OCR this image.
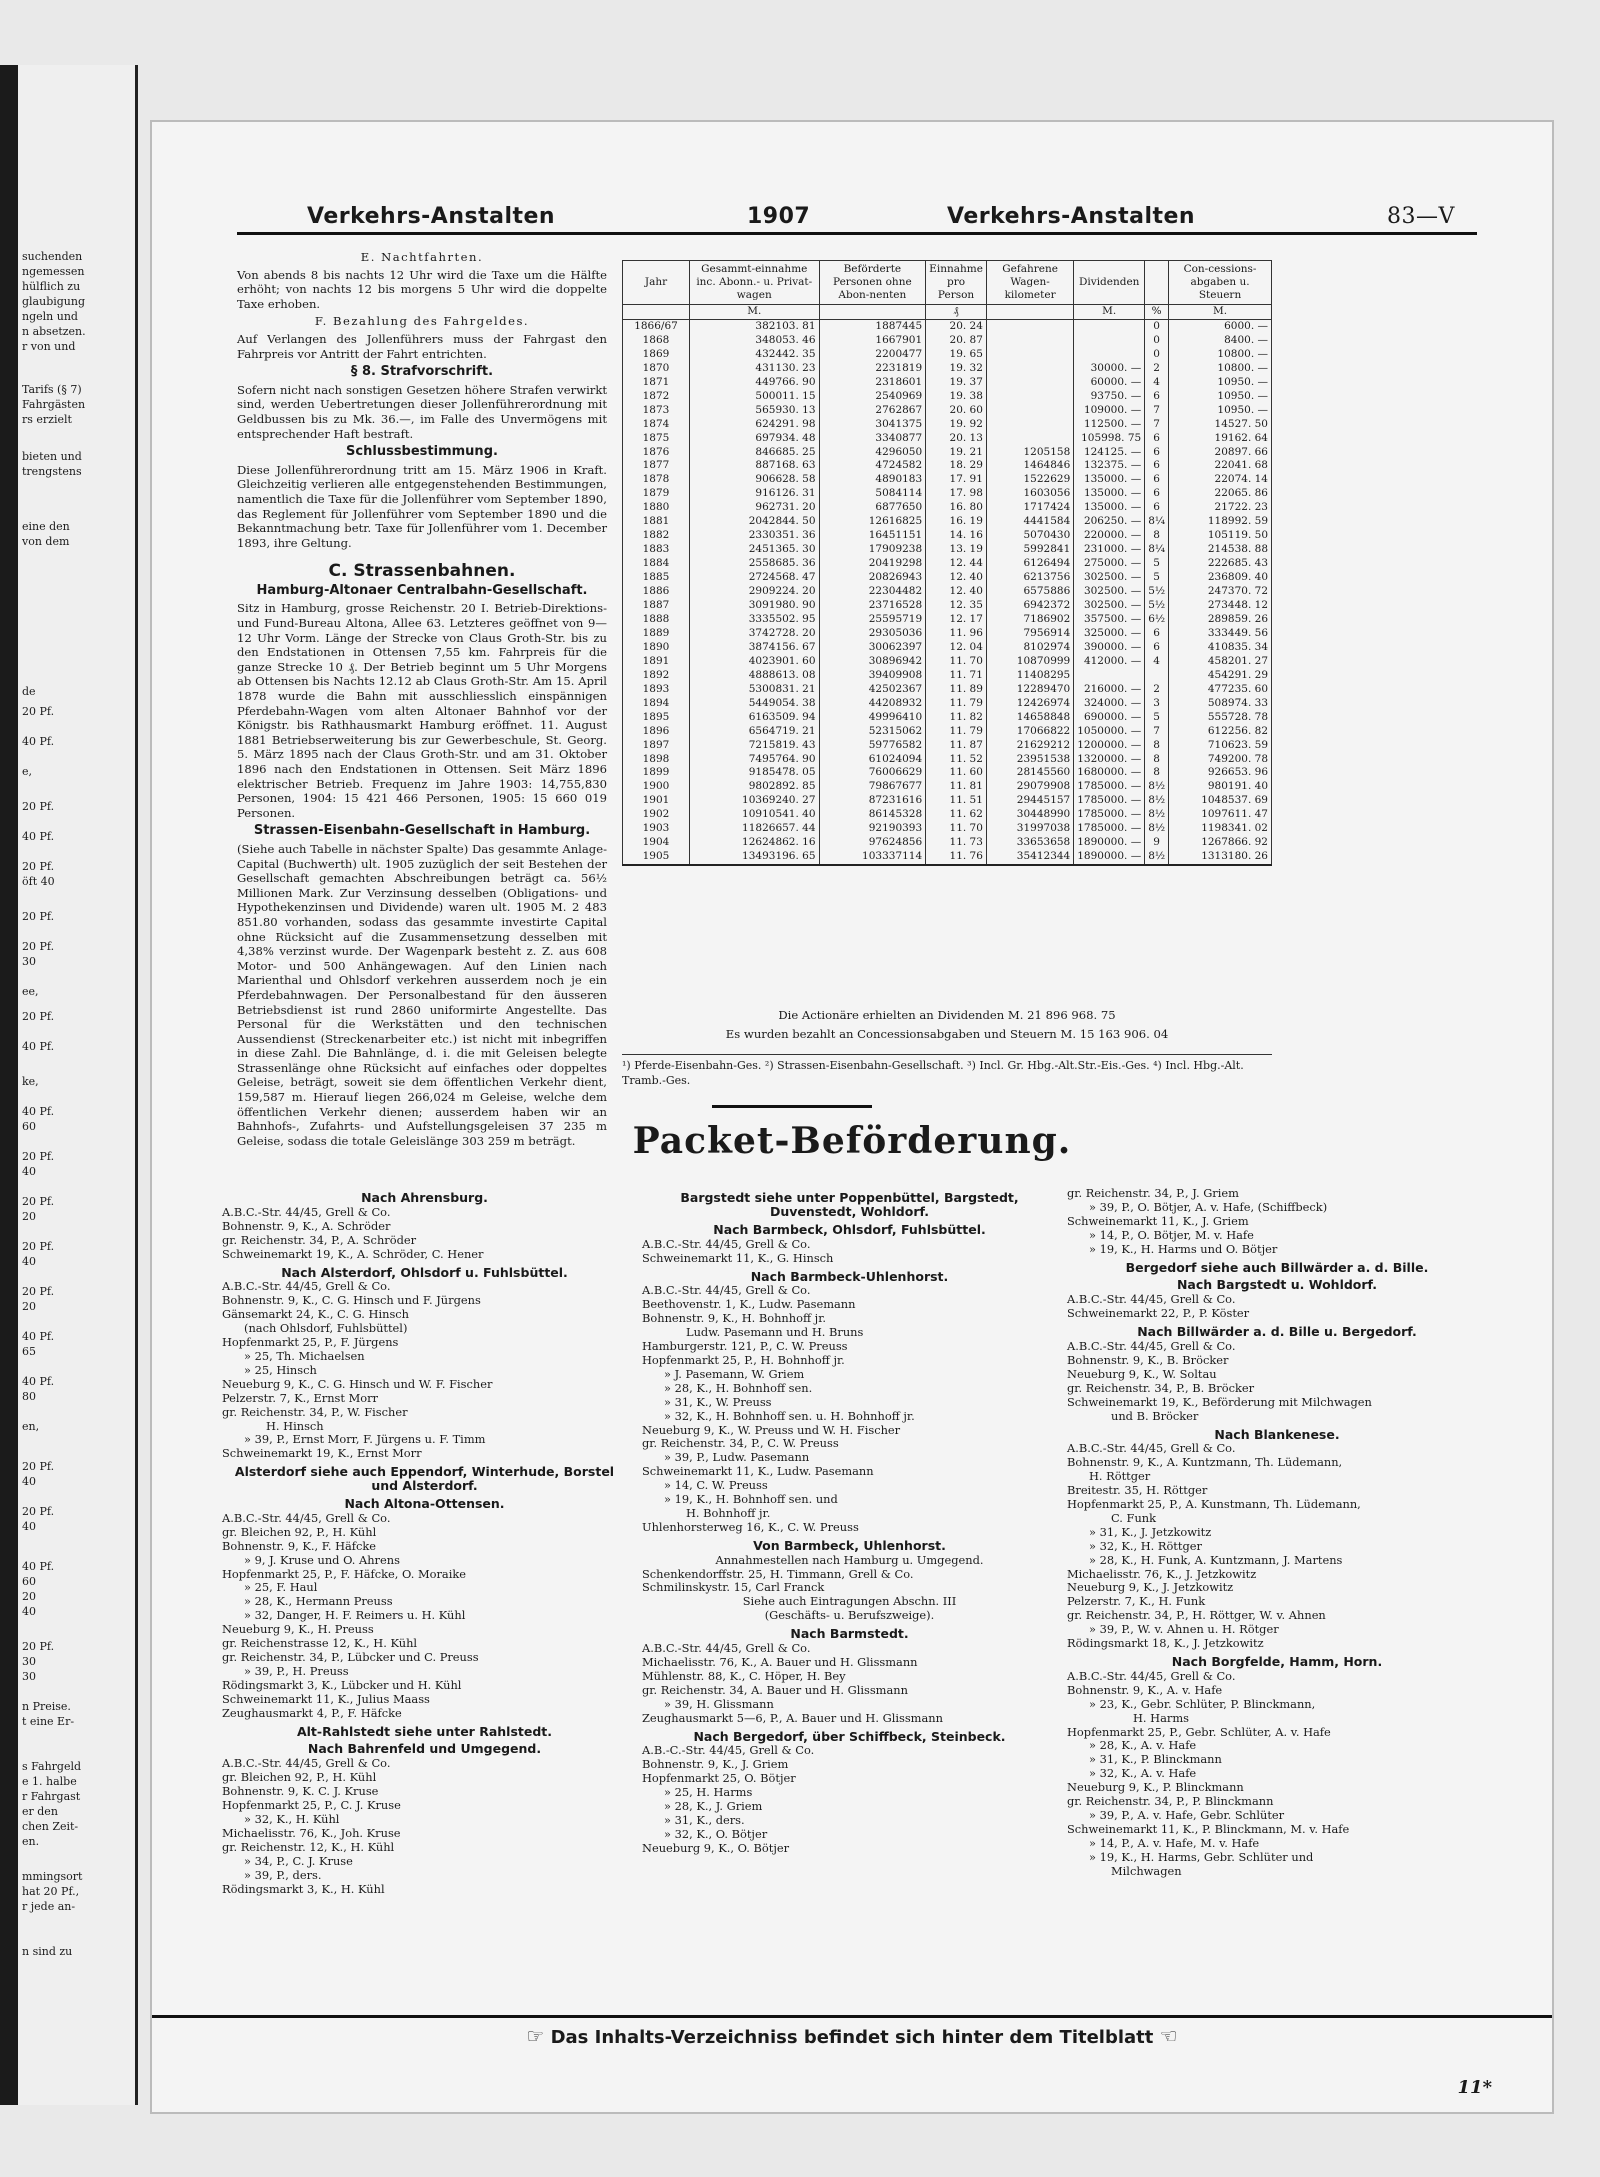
suchenden
ngemessen
hülflich zu
glaubigung
ngeln und
n absetzen.
r von und
Tarifs (§ 7)
Fahrgästen
rs erzielt
bieten und
trengstens
eine den
von dem
de
20 Pf.
40 Pf.
e,
20 Pf.
40 Pf.
20 Pf.
öft 40
20 Pf.
20 Pf.
30
ee,
20 Pf.
40 Pf.
ke,
40 Pf.
60
20 Pf.
40
20 Pf.
20
20 Pf.
40
20 Pf.
20
40 Pf.
65
40 Pf.
80
en,
20 Pf.
40
20 Pf.
40
40 Pf.
60
20
40
20 Pf.
30
30
n Preise.
t eine Er-
s Fahrgeld
e 1. halbe
r Fahrgast
er den
chen Zeit-
en.
mmingsort
hat 20 Pf.,
r jede an-
n sind zu
Verkehrs-Anstalten	1907	Verkehrs-Anstalten	83—V
E. Nachtfahrten.

Von abends 8 bis nachts 12 Uhr wird die Taxe um die Hälfte erhöht; von nachts 12 bis morgens 5 Uhr wird die doppelte Taxe erhoben.

F. Bezahlung des Fahrgeldes.

Auf Verlangen des Jollenführers muss der Fahrgast den Fahrpreis vor Antritt der Fahrt entrichten.

§ 8. Strafvorschrift.

Sofern nicht nach sonstigen Gesetzen höhere Strafen verwirkt sind, werden Uebertretungen dieser Jollenführerordnung mit Geldbussen bis zu Mk. 36.—, im Falle des Unvermögens mit entsprechender Haft bestraft.

Schlussbestimmung.

Diese Jollenführerordnung tritt am 15. März 1906 in Kraft. Gleichzeitig verlieren alle entgegenstehenden Bestimmungen, namentlich die Taxe für die Jollenführer vom September 1890, das Reglement für Jollenführer vom September 1890 und die Bekanntmachung betr. Taxe für Jollenführer vom 1. December 1893, ihre Geltung.

C. Strassenbahnen.
Hamburg-Altonaer Centralbahn-Gesellschaft.

Sitz in Hamburg, grosse Reichenstr. 20 I. Betrieb-Direktions- und Fund-Bureau Altona, Allee 63. Letzteres geöffnet von 9—12 Uhr Vorm. Länge der Strecke von Claus Groth-Str. bis zu den Endstationen in Ottensen 7,55 km. Fahrpreis für die ganze Strecke 10 ₰. Der Betrieb beginnt um 5 Uhr Morgens ab Ottensen bis Nachts 12.12 ab Claus Groth-Str. Am 15. April 1878 wurde die Bahn mit ausschliesslich einspännigen Pferdebahn-Wagen vom alten Altonaer Bahnhof vor der Königstr. bis Rathhausmarkt Hamburg eröffnet. 11. August 1881 Betriebserweiterung bis zur Gewerbeschule, St. Georg. 5. März 1895 nach der Claus Groth-Str. und am 31. Oktober 1896 nach den Endstationen in Ottensen. Seit März 1896 elektrischer Betrieb. Frequenz im Jahre 1903: 14,755,830 Personen, 1904: 15 421 466 Personen, 1905: 15 660 019 Personen.

Strassen-Eisenbahn-Gesellschaft in Hamburg.

(Siehe auch Tabelle in nächster Spalte) Das gesammte Anlage-Capital (Buchwerth) ult. 1905 zuzüglich der seit Bestehen der Gesellschaft gemachten Abschreibungen beträgt ca. 56½ Millionen Mark. Zur Verzinsung desselben (Obligations- und Hypothekenzinsen und Dividende) waren ult. 1905 M. 2 483 851.80 vorhanden, sodass das gesammte investirte Capital ohne Rücksicht auf die Zusammensetzung desselben mit 4,38% verzinst wurde. Der Wagenpark besteht z. Z. aus 608 Motor- und 500 Anhängewagen. Auf den Linien nach Marienthal und Ohlsdorf verkehren ausserdem noch je ein Pferdebahnwagen. Der Personalbestand für den äusseren Betriebsdienst ist rund 2860 uniformirte Angestellte. Das Personal für die Werkstätten und den technischen Aussendienst (Streckenarbeiter etc.) ist nicht mit inbegriffen in diese Zahl. Die Bahnlänge, d. i. die mit Geleisen belegte Strassenlänge ohne Rücksicht auf einfaches oder doppeltes Geleise, beträgt, soweit sie dem öffentlichen Verkehr dient, 159,587 m. Hierauf liegen 266,024 m Geleise, welche dem öffentlichen Verkehr dienen; ausserdem haben wir an Bahnhofs-, Zufahrts- und Aufstellungsgeleisen 37 235 m Geleise, sodass die totale Geleislänge 303 259 m beträgt.

Jahr	Gesammt-einnahme inc. Abonn.- u. Privat-wagen	Beförderte Personen ohne Abon-nenten	Einnahme pro Person	Gefahrene Wagen-kilometer	Dividenden		Con-cessions-abgaben u. Steuern
	M.		₰		M.	%	M.
1866/67	382103. 81	1887445	20. 24			0	6000. —
1868	348053. 46	1667901	20. 87			0	8400. —
1869	432442. 35	2200477	19. 65			0	10800. —
1870	431130. 23	2231819	19. 32		30000. —	2	10800. —
1871	449766. 90	2318601	19. 37		60000. —	4	10950. —
1872	500011. 15	2540969	19. 38		93750. —	6	10950. —
1873	565930. 13	2762867	20. 60		109000. —	7	10950. —
1874	624291. 98	3041375	19. 92		112500. —	7	14527. 50
1875	697934. 48	3340877	20. 13		105998. 75	6	19162. 64
1876	846685. 25	4296050	19. 21	1205158	124125. —	6	20897. 66
1877	887168. 63	4724582	18. 29	1464846	132375. —	6	22041. 68
1878	906628. 58	4890183	17. 91	1522629	135000. —	6	22074. 14
1879	916126. 31	5084114	17. 98	1603056	135000. —	6	22065. 86
1880	962731. 20	6877650	16. 80	1717424	135000. —	6	21722. 23
1881	2042844. 50	12616825	16. 19	4441584	206250. —	8¼	118992. 59
1882	2330351. 36	16451151	14. 16	5070430	220000. —	8	105119. 50
1883	2451365. 30	17909238	13. 19	5992841	231000. —	8¼	214538. 88
1884	2558685. 36	20419298	12. 44	6126494	275000. —	5	222685. 43
1885	2724568. 47	20826943	12. 40	6213756	302500. —	5	236809. 40
1886	2909224. 20	22304482	12. 40	6575886	302500. —	5½	247370. 72
1887	3091980. 90	23716528	12. 35	6942372	302500. —	5½	273448. 12
1888	3335502. 95	25595719	12. 17	7186902	357500. —	6½	289859. 26
1889	3742728. 20	29305036	11. 96	7956914	325000. —	6	333449. 56
1890	3874156. 67	30062397	12. 04	8102974	390000. —	6	410835. 34
1891	4023901. 60	30896942	11. 70	10870999	412000. —	4	458201. 27
1892	4888613. 08	39409908	11. 71	11408295			454291. 29
1893	5300831. 21	42502367	11. 89	12289470	216000. —	2	477235. 60
1894	5449054. 38	44208932	11. 79	12426974	324000. —	3	508974. 33
1895	6163509. 94	49996410	11. 82	14658848	690000. —	5	555728. 78
1896	6564719. 21	52315062	11. 79	17066822	1050000. —	7	612256. 82
1897	7215819. 43	59776582	11. 87	21629212	1200000. —	8	710623. 59
1898	7495764. 90	61024094	11. 52	23951538	1320000. —	8	749200. 78
1899	9185478. 05	76006629	11. 60	28145560	1680000. —	8	926653. 96
1900	9802892. 85	79867677	11. 81	29079908	1785000. —	8½	980191. 40
1901	10369240. 27	87231616	11. 51	29445157	1785000. —	8½	1048537. 69
1902	10910541. 40	86145328	11. 62	30448990	1785000. —	8½	1097611. 47
1903	11826657. 44	92190393	11. 70	31997038	1785000. —	8½	1198341. 02
1904	12624862. 16	97624856	11. 73	33653658	1890000. —	9	1267866. 92
1905	13493196. 65	103337114	11. 76	35412344	1890000. —	8½	1313180. 26
Die Actionäre erhielten an Dividenden M. 21 896 968. 75
Es wurden bezahlt an Concessionsabgaben und Steuern M. 15 163 906. 04
¹) Pferde-Eisenbahn-Ges. ²) Strassen-Eisenbahn-Gesellschaft. ³) Incl. Gr. Hbg.-Alt.Str.-Eis.-Ges. ⁴) Incl. Hbg.-Alt. Tramb.-Ges.
Packet-Beförderung.
Nach Ahrensburg.
A.B.C.-Str. 44/45, Grell & Co.
Bohnenstr. 9, K., A. Schröder
gr. Reichenstr. 34, P., A. Schröder
Schweinemarkt 19, K., A. Schröder, C. Hener
Nach Alsterdorf, Ohlsdorf u. Fuhlsbüttel.
A.B.C.-Str. 44/45, Grell & Co.
Bohnenstr. 9, K., C. G. Hinsch und F. Jürgens
Gänsemarkt 24, K., C. G. Hinsch
(nach Ohlsdorf, Fuhlsbüttel)
Hopfenmarkt 25, P., F. Jürgens
» 25, Th. Michaelsen
» 25, Hinsch
Neueburg 9, K., C. G. Hinsch und W. F. Fischer
Pelzerstr. 7, K., Ernst Morr
gr. Reichenstr. 34, P., W. Fischer
H. Hinsch
» 39, P., Ernst Morr, F. Jürgens u. F. Timm
Schweinemarkt 19, K., Ernst Morr
Alsterdorf siehe auch Eppendorf, Winterhude, Borstel und Alsterdorf.
Nach Altona-Ottensen.
A.B.C.-Str. 44/45, Grell & Co.
gr. Bleichen 92, P., H. Kühl
Bohnenstr. 9, K., F. Häfcke
» 9, J. Kruse und O. Ahrens
Hopfenmarkt 25, P., F. Häfcke, O. Moraike
» 25, F. Haul
» 28, K., Hermann Preuss
» 32, Danger, H. F. Reimers u. H. Kühl
Neueburg 9, K., H. Preuss
gr. Reichenstrasse 12, K., H. Kühl
gr. Reichenstr. 34, P., Lübcker und C. Preuss
» 39, P., H. Preuss
Rödingsmarkt 3, K., Lübcker und H. Kühl
Schweinemarkt 11, K., Julius Maass
Zeughausmarkt 4, P., F. Häfcke
Alt-Rahlstedt siehe unter Rahlstedt.
Nach Bahrenfeld und Umgegend.
A.B.C.-Str. 44/45, Grell & Co.
gr. Bleichen 92, P., H. Kühl
Bohnenstr. 9, K. C. J. Kruse
Hopfenmarkt 25, P., C. J. Kruse
» 32, K., H. Kühl
Michaelisstr. 76, K., Joh. Kruse
gr. Reichenstr. 12, K., H. Kühl
» 34, P., C. J. Kruse
» 39, P., ders.
Rödingsmarkt 3, K., H. Kühl
Bargstedt siehe unter Poppenbüttel, Bargstedt, Duvenstedt, Wohldorf.
Nach Barmbeck, Ohlsdorf, Fuhlsbüttel.
A.B.C.-Str. 44/45, Grell & Co.
Schweinemarkt 11, K., G. Hinsch
Nach Barmbeck-Uhlenhorst.
A.B.C.-Str. 44/45, Grell & Co.
Beethovenstr. 1, K., Ludw. Pasemann
Bohnenstr. 9, K., H. Bohnhoff jr.
Ludw. Pasemann und H. Bruns
Hamburgerstr. 121, P., C. W. Preuss
Hopfenmarkt 25, P., H. Bohnhoff jr.
» J. Pasemann, W. Griem
» 28, K., H. Bohnhoff sen.
» 31, K., W. Preuss
» 32, K., H. Bohnhoff sen. u. H. Bohnhoff jr.
Neueburg 9, K., W. Preuss und W. H. Fischer
gr. Reichenstr. 34, P., C. W. Preuss
» 39, P., Ludw. Pasemann
Schweinemarkt 11, K., Ludw. Pasemann
» 14, C. W. Preuss
» 19, K., H. Bohnhoff sen. und
H. Bohnhoff jr.
Uhlenhorsterweg 16, K., C. W. Preuss
Von Barmbeck, Uhlenhorst.
Annahmestellen nach Hamburg u. Umgegend.
Schenkendorffstr. 25, H. Timmann, Grell & Co.
Schmilinskystr. 15, Carl Franck
Siehe auch Eintragungen Abschn. III
(Geschäfts- u. Berufszweige).
Nach Barmstedt.
A.B.C.-Str. 44/45, Grell & Co.
Michaelisstr. 76, K., A. Bauer und H. Glissmann
Mühlenstr. 88, K., C. Höper, H. Bey
gr. Reichenstr. 34, A. Bauer und H. Glissmann
» 39, H. Glissmann
Zeughausmarkt 5—6, P., A. Bauer und H. Glissmann
Nach Bergedorf, über Schiffbeck, Steinbeck.
A.B.-C.-Str. 44/45, Grell & Co.
Bohnenstr. 9, K., J. Griem
Hopfenmarkt 25, O. Bötjer
» 25, H. Harms
» 28, K., J. Griem
» 31, K., ders.
» 32, K., O. Bötjer
Neueburg 9, K., O. Bötjer
gr. Reichenstr. 34, P., J. Griem
» 39, P., O. Bötjer, A. v. Hafe, (Schiffbeck)
Schweinemarkt 11, K., J. Griem
» 14, P., O. Bötjer, M. v. Hafe
» 19, K., H. Harms und O. Bötjer
Bergedorf siehe auch Billwärder a. d. Bille.
Nach Bargstedt u. Wohldorf.
A.B.C.-Str. 44/45, Grell & Co.
Schweinemarkt 22, P., P. Köster
Nach Billwärder a. d. Bille u. Bergedorf.
A.B.C.-Str. 44/45, Grell & Co.
Bohnenstr. 9, K., B. Bröcker
Neueburg 9, K., W. Soltau
gr. Reichenstr. 34, P., B. Bröcker
Schweinemarkt 19, K., Beförderung mit Milchwagen
und B. Bröcker
Nach Blankenese.
A.B.C.-Str. 44/45, Grell & Co.
Bohnenstr. 9, K., A. Kuntzmann, Th. Lüdemann,
H. Röttger
Breitestr. 35, H. Röttger
Hopfenmarkt 25, P., A. Kunstmann, Th. Lüdemann,
C. Funk
» 31, K., J. Jetzkowitz
» 32, K., H. Röttger
» 28, K., H. Funk, A. Kuntzmann, J. Martens
Michaelisstr. 76, K., J. Jetzkowitz
Neueburg 9, K., J. Jetzkowitz
Pelzerstr. 7, K., H. Funk
gr. Reichenstr. 34, P., H. Röttger, W. v. Ahnen
» 39, P., W. v. Ahnen u. H. Rötger
Rödingsmarkt 18, K., J. Jetzkowitz
Nach Borgfelde, Hamm, Horn.
A.B.C.-Str. 44/45, Grell & Co.
Bohnenstr. 9, K., A. v. Hafe
» 23, K., Gebr. Schlüter, P. Blinckmann,
H. Harms
Hopfenmarkt 25, P., Gebr. Schlüter, A. v. Hafe
» 28, K., A. v. Hafe
» 31, K., P. Blinckmann
» 32, K., A. v. Hafe
Neueburg 9, K., P. Blinckmann
gr. Reichenstr. 34, P., P. Blinckmann
» 39, P., A. v. Hafe, Gebr. Schlüter
Schweinemarkt 11, K., P. Blinckmann, M. v. Hafe
» 14, P., A. v. Hafe, M. v. Hafe
» 19, K., H. Harms, Gebr. Schlüter und
Milchwagen
☞ Das Inhalts-Verzeichniss befindet sich hinter dem Titelblatt ☜
11*
